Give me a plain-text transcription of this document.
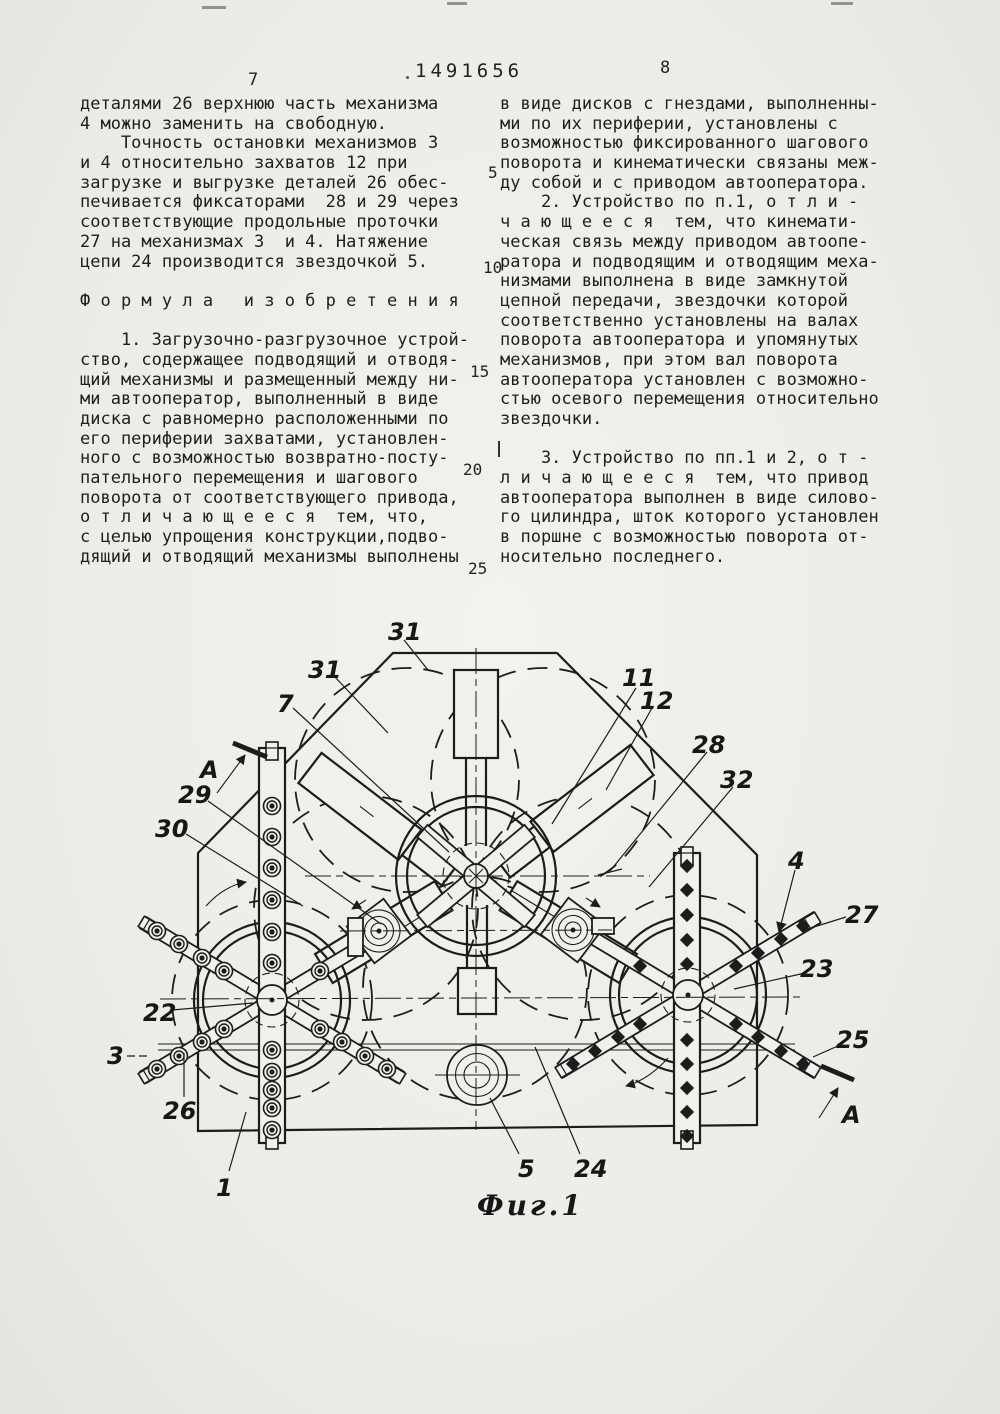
7	1491656	8
деталями 26 верхнюю часть механизма
4 можно заменить на свободную.
Точность остановки механизмов 3
и 4 относительно захватов 12 при
загрузке и выгрузке деталей 26 обес-
печивается фиксаторами  28 и 29 через
соответствующие продольные проточки
27 на механизмах 3  и 4. Натяжение
цепи 24 производится звездочкой 5.
Ф о р м у л а   и з о б р е т е н и я
1. Загрузочно-разгрузочное устрой-
ство, содержащее подводящий и отводя-
щий механизмы и размещенный между ни-
ми автооператор, выполненный в виде
диска с равномерно расположенными по
его периферии захватами, установлен-
ного с возможностью возвратно-посту-
пательного перемещения и шагового
поворота от соответствующего привода,
о т л и ч а ю щ е е с я  тем, что,
с целью упрощения конструкции,подво-
дящий и отводящий механизмы выполнены
в виде дисков с гнездами, выполненны-
ми по их периферии, установлены с
возможностью фиксированного шагового
поворота и кинематически связаны меж-
ду собой и с приводом автооператора.
2. Устройство по п.1, о т л и -
ч а ю щ е е с я  тем, что кинемати-
ческая связь между приводом автоопе-
ратора и подводящим и отводящим меха-
низмами выполнена в виде замкнутой
цепной передачи, звездочки которой
соответственно установлены на валах
поворота автооператора и упомянутых
механизмов, при этом вал поворота
автооператора установлен с возможно-
стью осевого перемещения относительно
звездочки.
3. Устройство по пп.1 и 2, о т -
л и ч а ю щ е е с я  тем, что привод
автооператора выполнен в виде силово-
го цилиндра, шток которого установлен
в поршне с возможностью поворота от-
носительно последнего.
5
10
15
20
25
31
31
7
А
29
30
11
12
28
32
4
27
23
25
А
22
3
26
1
5 24
Фиг.1
